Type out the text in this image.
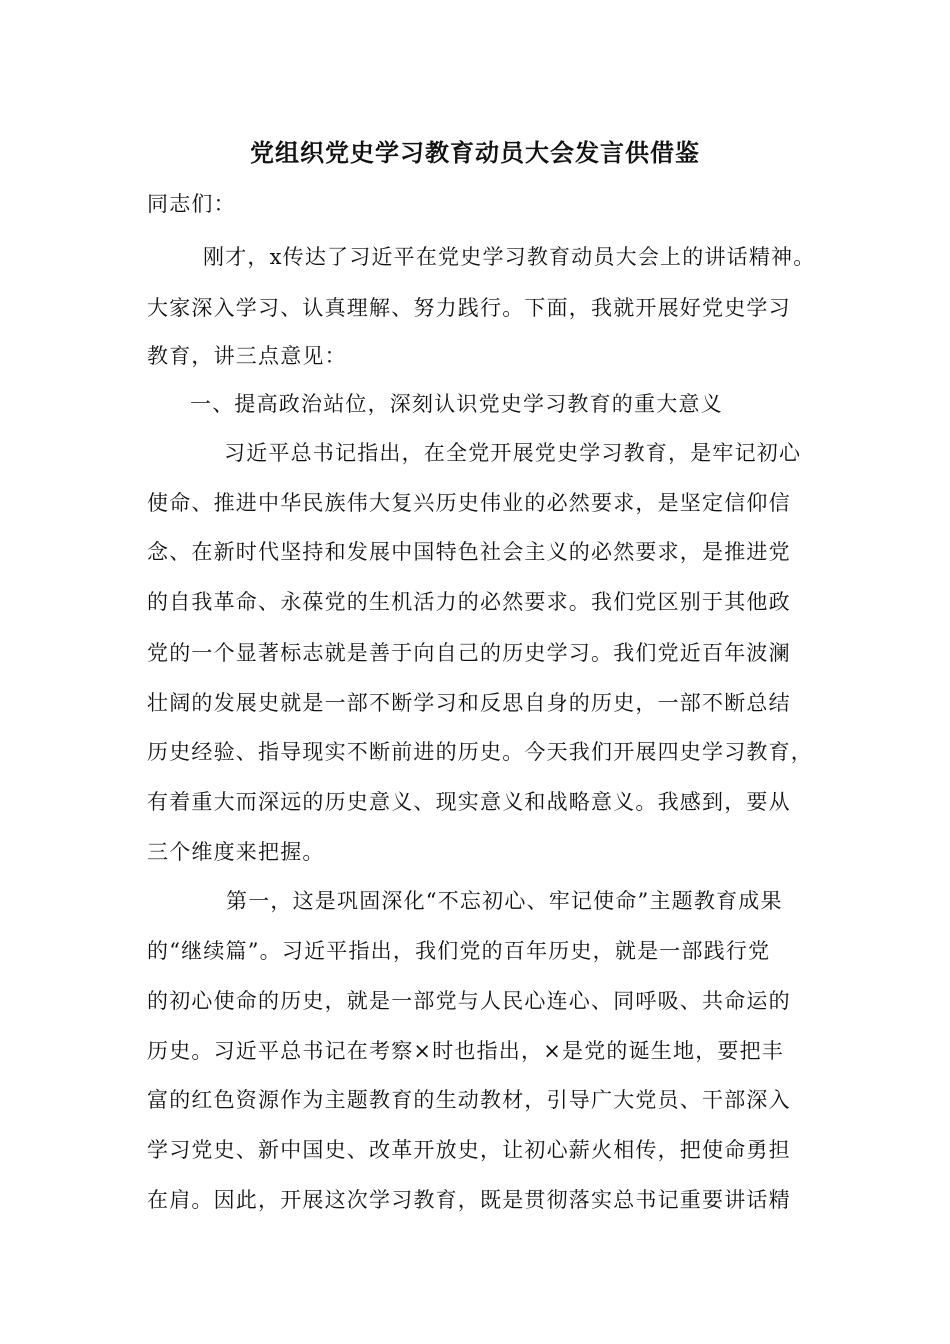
党组织党史学习教育动员大会发言供借鉴
同志们：
刚才，x传达了习近平在党史学习教育动员大会上的讲话精神。
大家深入学习、认真理解、努力践行。下面，我就开展好党史学习
教育，讲三点意见：
一、提高政治站位，深刻认识党史学习教育的重大意义
习近平总书记指出，在全党开展党史学习教育，是牢记初心
使命、推进中华民族伟大复兴历史伟业的必然要求，是坚定信仰信
念、在新时代坚持和发展中国特色社会主义的必然要求，是推进党
的自我革命、永葆党的生机活力的必然要求。我们党区别于其他政
党的一个显著标志就是善于向自己的历史学习。我们党近百年波澜
壮阔的发展史就是一部不断学习和反思自身的历史，一部不断总结
历史经验、指导现实不断前进的历史。今天我们开展四史学习教育，
有着重大而深远的历史意义、现实意义和战略意义。我感到，要从
三个维度来把握。
第一，这是巩固深化“不忘初心、牢记使命”主题教育成果
的“继续篇”。习近平指出，我们党的百年历史，就是一部践行党
的初心使命的历史，就是一部党与人民心连心、同呼吸、共命运的
历史。习近平总书记在考察×时也指出，×是党的诞生地，要把丰
富的红色资源作为主题教育的生动教材，引导广大党员、干部深入
学习党史、新中国史、改革开放史，让初心薪火相传，把使命勇担
在肩。因此，开展这次学习教育，既是贯彻落实总书记重要讲话精
